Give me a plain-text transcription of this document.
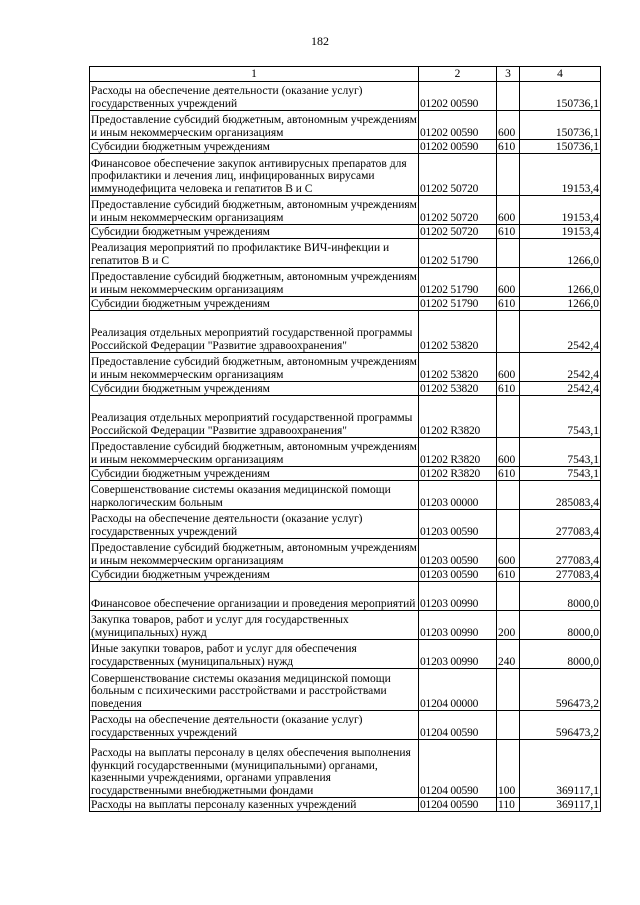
182
1	2	3	4
Расходы на обеспечение деятельности (оказание услуг) государственных учреждений	01202 00590		150736,1
Предоставление субсидий бюджетным, автономным учреждениям и иным некоммерческим организациям	01202 00590	600	150736,1
Субсидии бюджетным учреждениям	01202 00590	610	150736,1
Финансовое обеспечение закупок антивирусных препаратов для профилактики и лечения лиц, инфицированных вирусами иммунодефицита человека и гепатитов В и С	01202 50720		19153,4
Предоставление субсидий бюджетным, автономным учреждениям и иным некоммерческим организациям	01202 50720	600	19153,4
Субсидии бюджетным учреждениям	01202 50720	610	19153,4
Реализация мероприятий по профилактике ВИЧ-инфекции и гепатитов В и С	01202 51790		1266,0
Предоставление субсидий бюджетным, автономным учреждениям и иным некоммерческим организациям	01202 51790	600	1266,0
Субсидии бюджетным учреждениям	01202 51790	610	1266,0
Реализация отдельных мероприятий государственной программы Российской Федерации "Развитие здравоохранения"	01202 53820		2542,4
Предоставление субсидий бюджетным, автономным учреждениям и иным некоммерческим организациям	01202 53820	600	2542,4
Субсидии бюджетным учреждениям	01202 53820	610	2542,4
Реализация отдельных мероприятий государственной программы Российской Федерации "Развитие здравоохранения"	01202 R3820		7543,1
Предоставление субсидий бюджетным, автономным учреждениям и иным некоммерческим организациям	01202 R3820	600	7543,1
Субсидии бюджетным учреждениям	01202 R3820	610	7543,1
Совершенствование системы оказания медицинской помощи наркологическим больным	01203 00000		285083,4
Расходы на обеспечение деятельности (оказание услуг) государственных учреждений	01203 00590		277083,4
Предоставление субсидий бюджетным, автономным учреждениям и иным некоммерческим организациям	01203 00590	600	277083,4
Субсидии бюджетным учреждениям	01203 00590	610	277083,4
Финансовое обеспечение организации и проведения мероприятий	01203 00990		8000,0
Закупка товаров, работ и услуг для государственных (муниципальных) нужд	01203 00990	200	8000,0
Иные закупки товаров, работ и услуг для обеспечения государственных (муниципальных) нужд	01203 00990	240	8000,0
Совершенствование системы оказания медицинской помощи больным с психическими расстройствами и расстройствами поведения	01204 00000		596473,2
Расходы на обеспечение деятельности (оказание услуг) государственных учреждений	01204 00590		596473,2
Расходы на выплаты персоналу в целях обеспечения выполнения функций государственными (муниципальными) органами, казенными учреждениями, органами управления государственными внебюджетными фондами	01204 00590	100	369117,1
Расходы на выплаты персоналу казенных учреждений	01204 00590	110	369117,1
